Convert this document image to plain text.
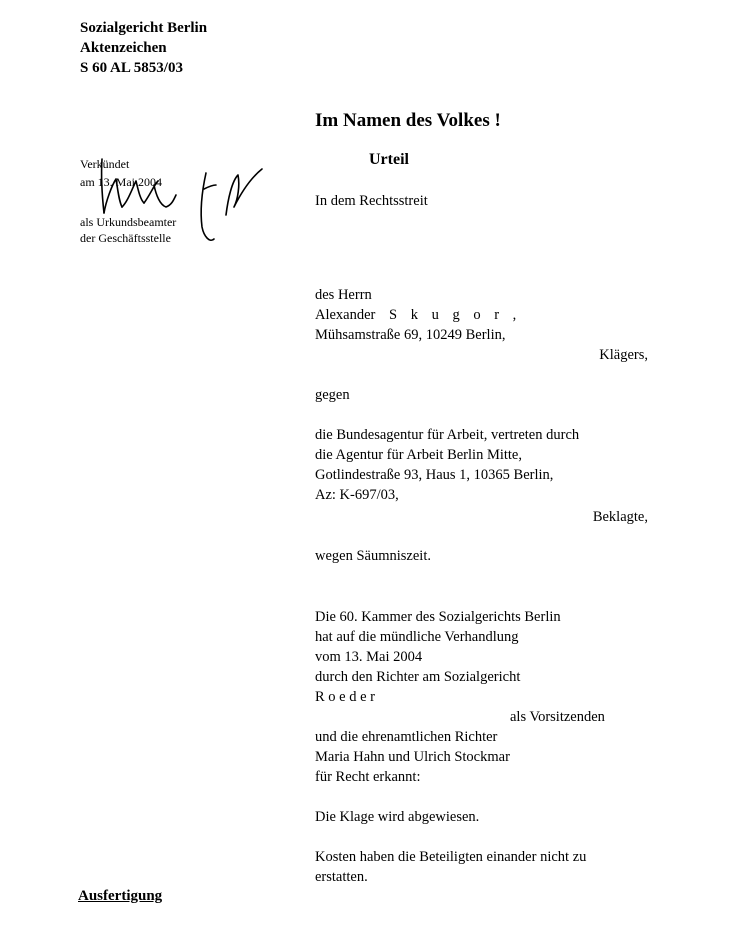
Sozialgericht Berlin
Aktenzeichen
S 60 AL 5853/03
Im Namen des Volkes !
Urteil
Verkündet
am 13. Mai 2004
als Urkundsbeamter
der Geschäftsstelle
In dem Rechtsstreit
des Herrn
Alexander S k u g o r ,
Mühsamstraße 69, 10249 Berlin,
Klägers,
gegen
die Bundesagentur für Arbeit, vertreten durch
die Agentur für Arbeit Berlin Mitte,
Gotlindestraße 93, Haus 1, 10365 Berlin,
Az: K-697/03,
Beklagte,
wegen Säumniszeit.
Die 60. Kammer des Sozialgerichts Berlin
hat auf die mündliche Verhandlung
vom 13. Mai 2004
durch den Richter am Sozialgericht
R o e d e r
als Vorsitzenden
und die ehrenamtlichen Richter
Maria Hahn und Ulrich Stockmar
für Recht erkannt:
Die Klage wird abgewiesen.
Kosten haben die Beteiligten einander nicht zu
erstatten.
Ausfertigung
